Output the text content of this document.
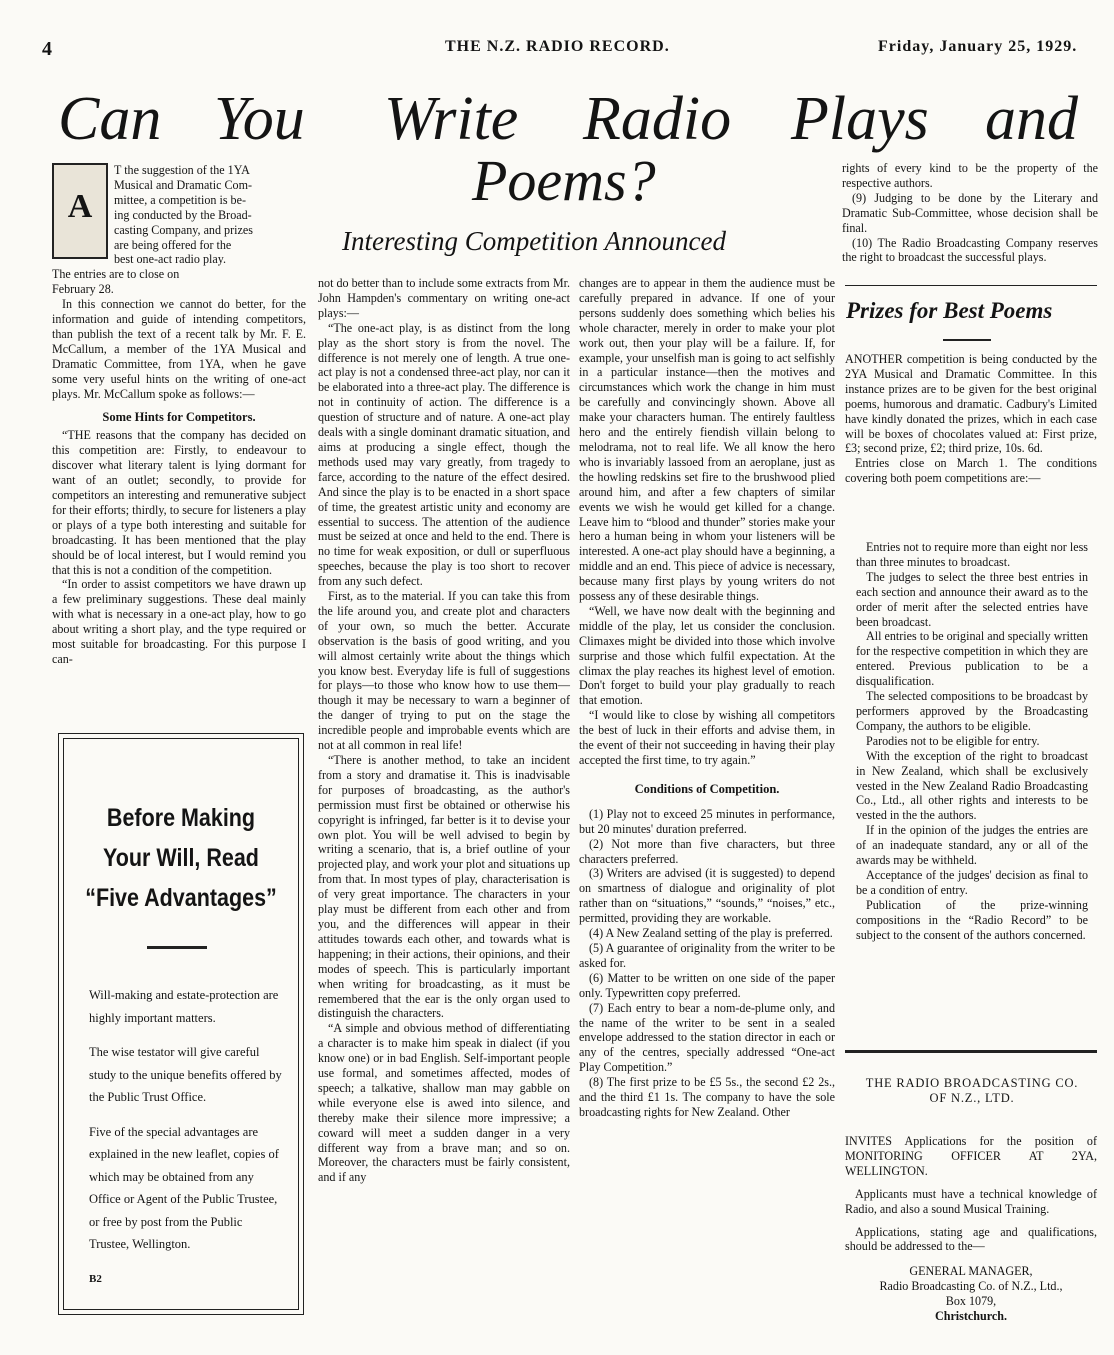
4	THE N.Z. RADIO RECORD.	Friday, January 25, 1929.
Can You Write Radio Plays and
Poems?
Interesting Competition Announced
A
T the suggestion of the 1YA
Musical and Dramatic Com-
mittee, a competition is be-
ing conducted by the Broad-
casting Company, and prizes
are being offered for the
best one-act radio play.
The entries are to close on

February 28.

In this connection we cannot do better, for the information and guide of intending competitors, than publish the text of a recent talk by Mr. F. E. McCallum, a member of the 1YA Musical and Dramatic Committee, from 1YA, when he gave some very useful hints on the writing of one-act plays. Mr. McCallum spoke as follows:—

Some Hints for Competitors.

“THE reasons that the company has decided on this competition are: Firstly, to endeavour to discover what literary talent is lying dormant for want of an outlet; secondly, to provide for competitors an interesting and remunerative subject for their efforts; thirdly, to secure for listeners a play or plays of a type both interesting and suitable for broadcasting. It has been mentioned that the play should be of local interest, but I would remind you that this is not a condition of the competition.

“In order to assist competitors we have drawn up a few preliminary suggestions. These deal mainly with what is necessary in a one-act play, how to go about writing a short play, and the type required or most suitable for broadcasting. For this purpose I can-

Before Making
Your Will, Read
“Five Advantages”

Will-making and estate-protection are highly important matters.

The wise testator will give careful study to the unique benefits offered by the Public Trust Office.

Five of the special advantages are explained in the new leaflet, copies of which may be obtained from any Office or Agent of the Public Trustee, or free by post from the Public Trustee, Wellington.

B2

not do better than to include some extracts from Mr. John Hampden's commentary on writing one-act plays:—

“The one-act play, is as distinct from the long play as the short story is from the novel. The difference is not merely one of length. A true one-act play is not a condensed three-act play, nor can it be elaborated into a three-act play. The difference is not in continuity of action. The difference is a question of structure and of nature. A one-act play deals with a single dominant dramatic situation, and aims at producing a single effect, though the methods used may vary greatly, from tragedy to farce, according to the nature of the effect desired. And since the play is to be enacted in a short space of time, the greatest artistic unity and economy are essential to success. The attention of the audience must be seized at once and held to the end. There is no time for weak exposition, or dull or superfluous speeches, because the play is too short to recover from any such defect.

First, as to the material. If you can take this from the life around you, and create plot and characters of your own, so much the better. Accurate observation is the basis of good writing, and you will almost certainly write about the things which you know best. Everyday life is full of suggestions for plays—to those who know how to use them—though it may be necessary to warn a beginner of the danger of trying to put on the stage the incredible people and improbable events which are not at all common in real life!

“There is another method, to take an incident from a story and dramatise it. This is inadvisable for purposes of broadcasting, as the author's permission must first be obtained or otherwise his copyright is infringed, far better is it to devise your own plot. You will be well advised to begin by writing a scenario, that is, a brief outline of your projected play, and work your plot and situations up from that. In most types of play, characterisation is of very great importance. The characters in your play must be different from each other and from you, and the differences will appear in their attitudes towards each other, and towards what is happening; in their actions, their opinions, and their modes of speech. This is particularly important when writing for broadcasting, as it must be remembered that the ear is the only organ used to distinguish the characters.

“A simple and obvious method of differentiating a character is to make him speak in dialect (if you know one) or in bad English. Self-important people use formal, and sometimes affected, modes of speech; a talkative, shallow man may gabble on while everyone else is awed into silence, and thereby make their silence more impressive; a coward will meet a sudden danger in a very different way from a brave man; and so on. Moreover, the characters must be fairly consistent, and if any

changes are to appear in them the audience must be carefully prepared in advance. If one of your persons suddenly does something which belies his whole character, merely in order to make your plot work out, then your play will be a failure. If, for example, your unselfish man is going to act selfishly in a particular instance—then the motives and circumstances which work the change in him must be carefully and convincingly shown. Above all make your characters human. The entirely faultless hero and the entirely fiendish villain belong to melodrama, not to real life. We all know the hero who is invariably lassoed from an aeroplane, just as the howling redskins set fire to the brushwood plied around him, and after a few chapters of similar events we wish he would get killed for a change. Leave him to “blood and thunder” stories make your hero a human being in whom your listeners will be interested. A one-act play should have a beginning, a middle and an end. This piece of advice is necessary, because many first plays by young writers do not possess any of these desirable things.

“Well, we have now dealt with the beginning and middle of the play, let us consider the conclusion. Climaxes might be divided into those which involve surprise and those which fulfil expectation. At the climax the play reaches its highest level of emotion. Don't forget to build your play gradually to reach that emotion.

“I would like to close by wishing all competitors the best of luck in their efforts and advise them, in the event of their not succeeding in having their play accepted the first time, to try again.”

Conditions of Competition.

(1) Play not to exceed 25 minutes in performance, but 20 minutes' duration preferred.

(2) Not more than five characters, but three characters preferred.

(3) Writers are advised (it is suggested) to depend on smartness of dialogue and originality of plot rather than on “situations,” “sounds,” “noises,” etc., permitted, providing they are workable.

(4) A New Zealand setting of the play is preferred.

(5) A guarantee of originality from the writer to be asked for.

(6) Matter to be written on one side of the paper only. Typewritten copy preferred.

(7) Each entry to bear a nom-de-plume only, and the name of the writer to be sent in a sealed envelope addressed to the station director in each or any of the centres, specially addressed “One-act Play Competition.”

(8) The first prize to be £5 5s., the second £2 2s., and the third £1 1s. The company to have the sole broadcasting rights for New Zealand. Other

rights of every kind to be the property of the respective authors.

(9) Judging to be done by the Literary and Dramatic Sub-Committee, whose decision shall be final.

(10) The Radio Broadcasting Company reserves the right to broadcast the successful plays.

Prizes for Best Poems

ANOTHER competition is being conducted by the 2YA Musical and Dramatic Committee. In this instance prizes are to be given for the best original poems, humorous and dramatic. Cadbury's Limited have kindly donated the prizes, which in each case will be boxes of chocolates valued at: First prize, £3; second prize, £2; third prize, 10s. 6d.

Entries close on March 1. The conditions covering both poem competitions are:—

Entries not to require more than eight nor less than three minutes to broadcast.

The judges to select the three best entries in each section and announce their award as to the order of merit after the selected entries have been broadcast.

All entries to be original and specially written for the respective competition in which they are entered. Previous publication to be a disqualification.

The selected compositions to be broadcast by performers approved by the Broadcasting Company, the authors to be eligible.

Parodies not to be eligible for entry.

With the exception of the right to broadcast in New Zealand, which shall be exclusively vested in the New Zealand Radio Broadcasting Co., Ltd., all other rights and interests to be vested in the the authors.

If in the opinion of the judges the entries are of an inadequate standard, any or all of the awards may be withheld.

Acceptance of the judges' decision as final to be a condition of entry.

Publication of the prize-winning compositions in the “Radio Record” to be subject to the consent of the authors concerned.

THE RADIO BROADCASTING CO.
OF N.Z., LTD.

INVITES Applications for the position of MONITORING OFFICER AT 2YA, WELLINGTON.

Applicants must have a technical knowledge of Radio, and also a sound Musical Training.

Applications, stating age and qualifications, should be addressed to the—

GENERAL MANAGER,
Radio Broadcasting Co. of N.Z., Ltd.,
Box 1079,
Christchurch.
